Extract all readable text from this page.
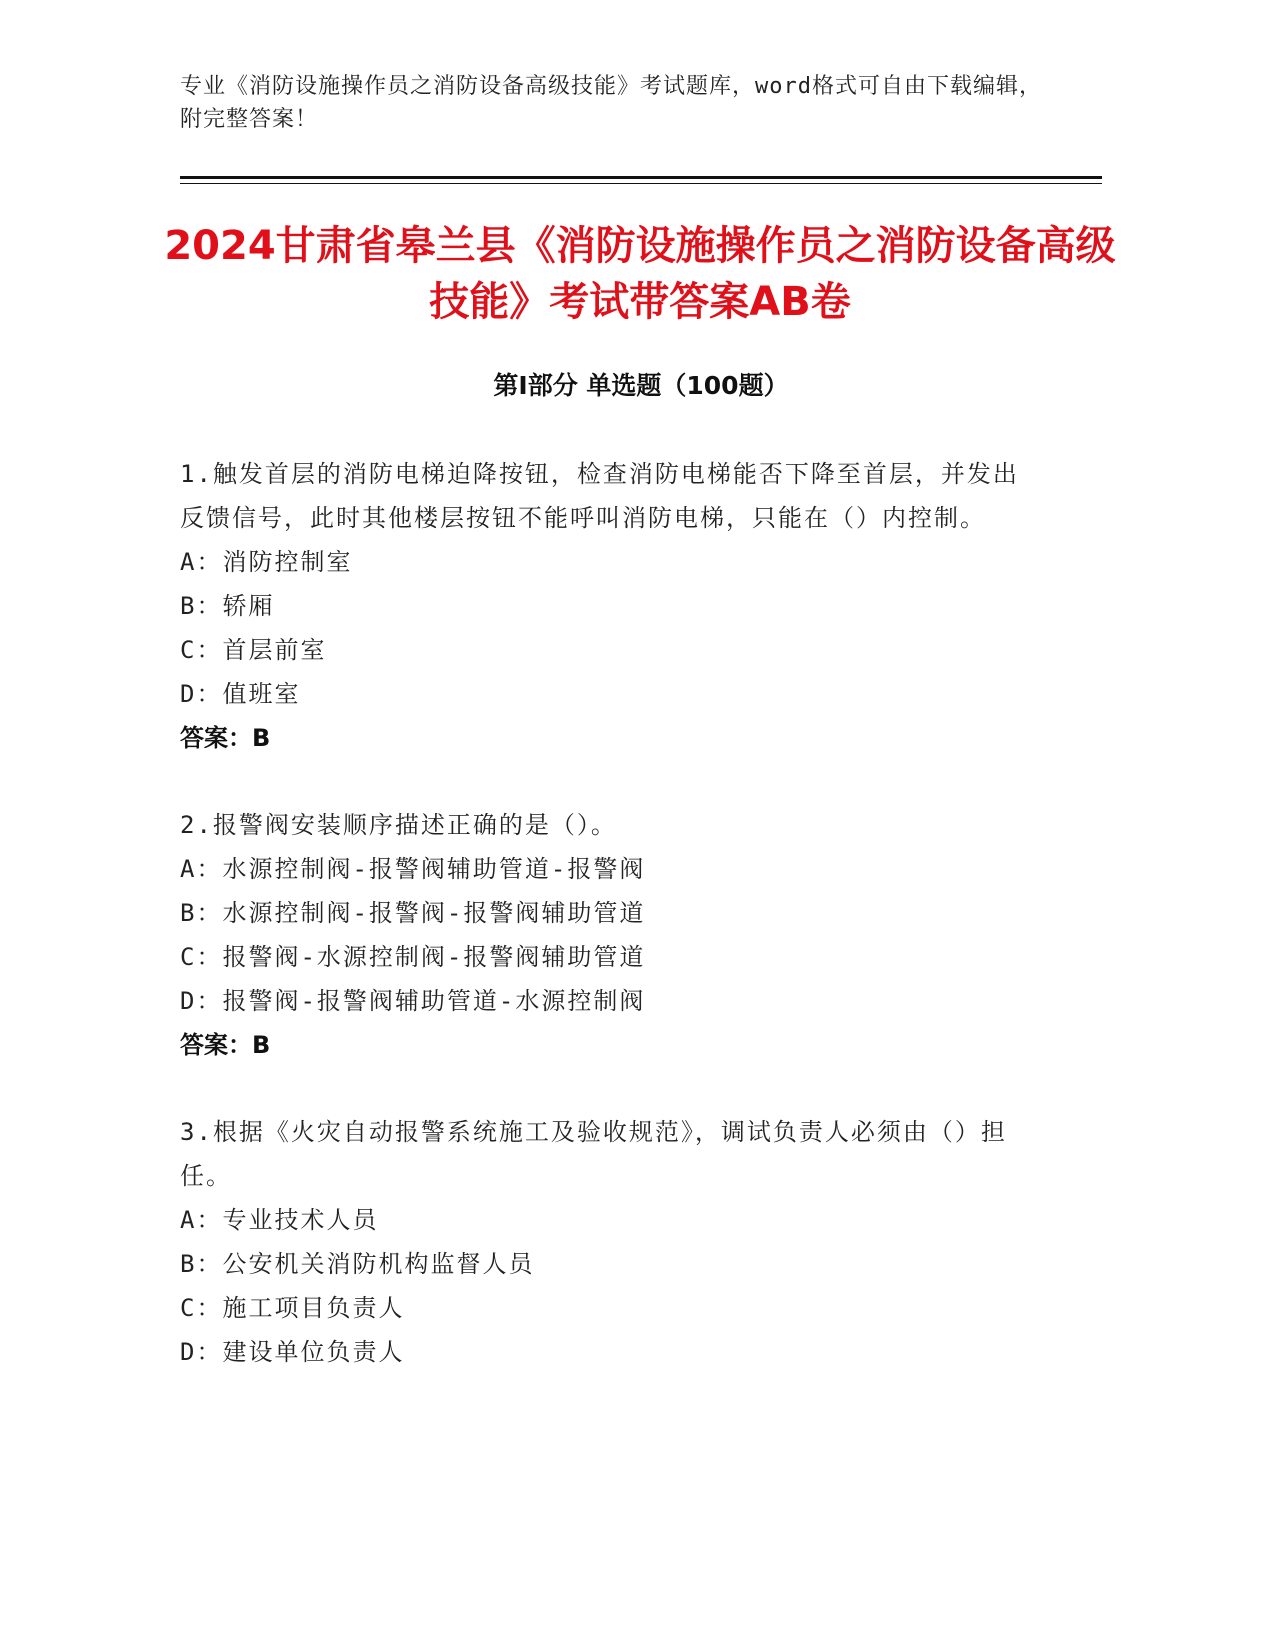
专业《消防设施操作员之消防设备高级技能》考试题库，word格式可自由下载编辑，附完整答案！
2024甘肃省皋兰县《消防设施操作员之消防设备高级技能》考试带答案AB卷
第Ⅰ部分 单选题（100题）
1.触发首层的消防电梯迫降按钮，检查消防电梯能否下降至首层，并发出反馈信号，此时其他楼层按钮不能呼叫消防电梯，只能在（）内控制。
A：消防控制室
B：轿厢
C：首层前室
D：值班室
答案：B
2.报警阀安装顺序描述正确的是（）。
A：水源控制阀-报警阀辅助管道-报警阀
B：水源控制阀-报警阀-报警阀辅助管道
C：报警阀-水源控制阀-报警阀辅助管道
D：报警阀-报警阀辅助管道-水源控制阀
答案：B
3.根据《火灾自动报警系统施工及验收规范》，调试负责人必须由（）担任。
A：专业技术人员
B：公安机关消防机构监督人员
C：施工项目负责人
D：建设单位负责人
